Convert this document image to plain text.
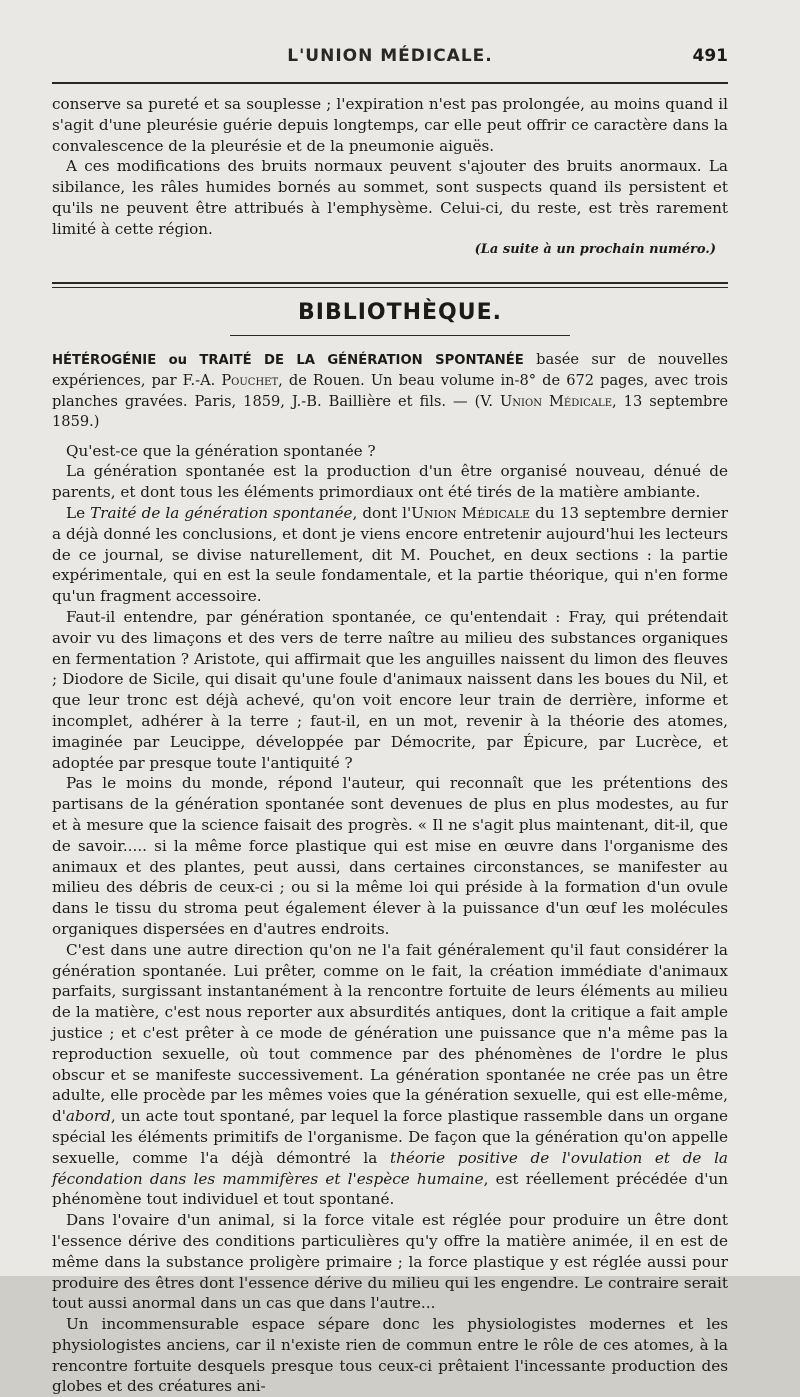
L'UNION MÉDICALE.	491

conserve sa pureté et sa souplesse ; l'expiration n'est pas prolongée, au moins quand il s'agit d'une pleurésie guérie depuis longtemps, car elle peut offrir ce caractère dans la convalescence de la pleurésie et de la pneumonie aiguës.

A ces modifications des bruits normaux peuvent s'ajouter des bruits anormaux. La sibilance, les râles humides bornés au sommet, sont suspects quand ils persistent et qu'ils ne peuvent être attribués à l'emphysème. Celui-ci, du reste, est très rarement limité à cette région.

(La suite à un prochain numéro.)

BIBLIOTHÈQUE.

HÉTÉROGÉNIE ou TRAITÉ DE LA GÉNÉRATION SPONTANÉE basée sur de nouvelles expériences, par F.-A. Pouchet, de Rouen. Un beau volume in-8° de 672 pages, avec trois planches gravées. Paris, 1859, J.-B. Baillière et fils. — (V. Union Médicale, 13 septembre 1859.)

Qu'est-ce que la génération spontanée ?

La génération spontanée est la production d'un être organisé nouveau, dénué de parents, et dont tous les éléments primordiaux ont été tirés de la matière ambiante.

Le Traité de la génération spontanée, dont l'Union Médicale du 13 septembre dernier a déjà donné les conclusions, et dont je viens encore entretenir aujourd'hui les lecteurs de ce journal, se divise naturellement, dit M. Pouchet, en deux sections : la partie expérimentale, qui en est la seule fondamentale, et la partie théorique, qui n'en forme qu'un fragment accessoire.

Faut-il entendre, par génération spontanée, ce qu'entendait : Fray, qui prétendait avoir vu des limaçons et des vers de terre naître au milieu des substances organiques en fermentation ? Aristote, qui affirmait que les anguilles naissent du limon des fleuves ; Diodore de Sicile, qui disait qu'une foule d'animaux naissent dans les boues du Nil, et que leur tronc est déjà achevé, qu'on voit encore leur train de derrière, informe et incomplet, adhérer à la terre ; faut-il, en un mot, revenir à la théorie des atomes, imaginée par Leucippe, développée par Démocrite, par Épicure, par Lucrèce, et adoptée par presque toute l'antiquité ?

Pas le moins du monde, répond l'auteur, qui reconnaît que les prétentions des partisans de la génération spontanée sont devenues de plus en plus modestes, au fur et à mesure que la science faisait des progrès. « Il ne s'agit plus maintenant, dit-il, que de savoir..... si la même force plastique qui est mise en œuvre dans l'organisme des animaux et des plantes, peut aussi, dans certaines circonstances, se manifester au milieu des débris de ceux-ci ; ou si la même loi qui préside à la formation d'un ovule dans le tissu du stroma peut également élever à la puissance d'un œuf les molécules organiques dispersées en d'autres endroits.

C'est dans une autre direction qu'on ne l'a fait généralement qu'il faut considérer la génération spontanée. Lui prêter, comme on le fait, la création immédiate d'animaux parfaits, surgissant instantanément à la rencontre fortuite de leurs éléments au milieu de la matière, c'est nous reporter aux absurdités antiques, dont la critique a fait ample justice ; et c'est prêter à ce mode de génération une puissance que n'a même pas la reproduction sexuelle, où tout commence par des phénomènes de l'ordre le plus obscur et se manifeste successivement. La génération spontanée ne crée pas un être adulte, elle procède par les mêmes voies que la génération sexuelle, qui est elle-même, d'abord, un acte tout spontané, par lequel la force plastique rassemble dans un organe spécial les éléments primitifs de l'organisme. De façon que la génération qu'on appelle sexuelle, comme l'a déjà démontré la théorie positive de l'ovulation et de la fécondation dans les mammifères et l'espèce humaine, est réellement précédée d'un phénomène tout individuel et tout spontané.

Dans l'ovaire d'un animal, si la force vitale est réglée pour produire un être dont l'essence dérive des conditions particulières qu'y offre la matière animée, il en est de même dans la substance proligère primaire ; la force plastique y est réglée aussi pour produire des êtres dont l'essence dérive du milieu qui les engendre. Le contraire serait tout aussi anormal dans un cas que dans l'autre...

Un incommensurable espace sépare donc les physiologistes modernes et les physiologistes anciens, car il n'existe rien de commun entre le rôle de ces atomes, à la rencontre fortuite desquels presque tous ceux-ci prêtaient l'incessante production des globes et des créatures ani-
